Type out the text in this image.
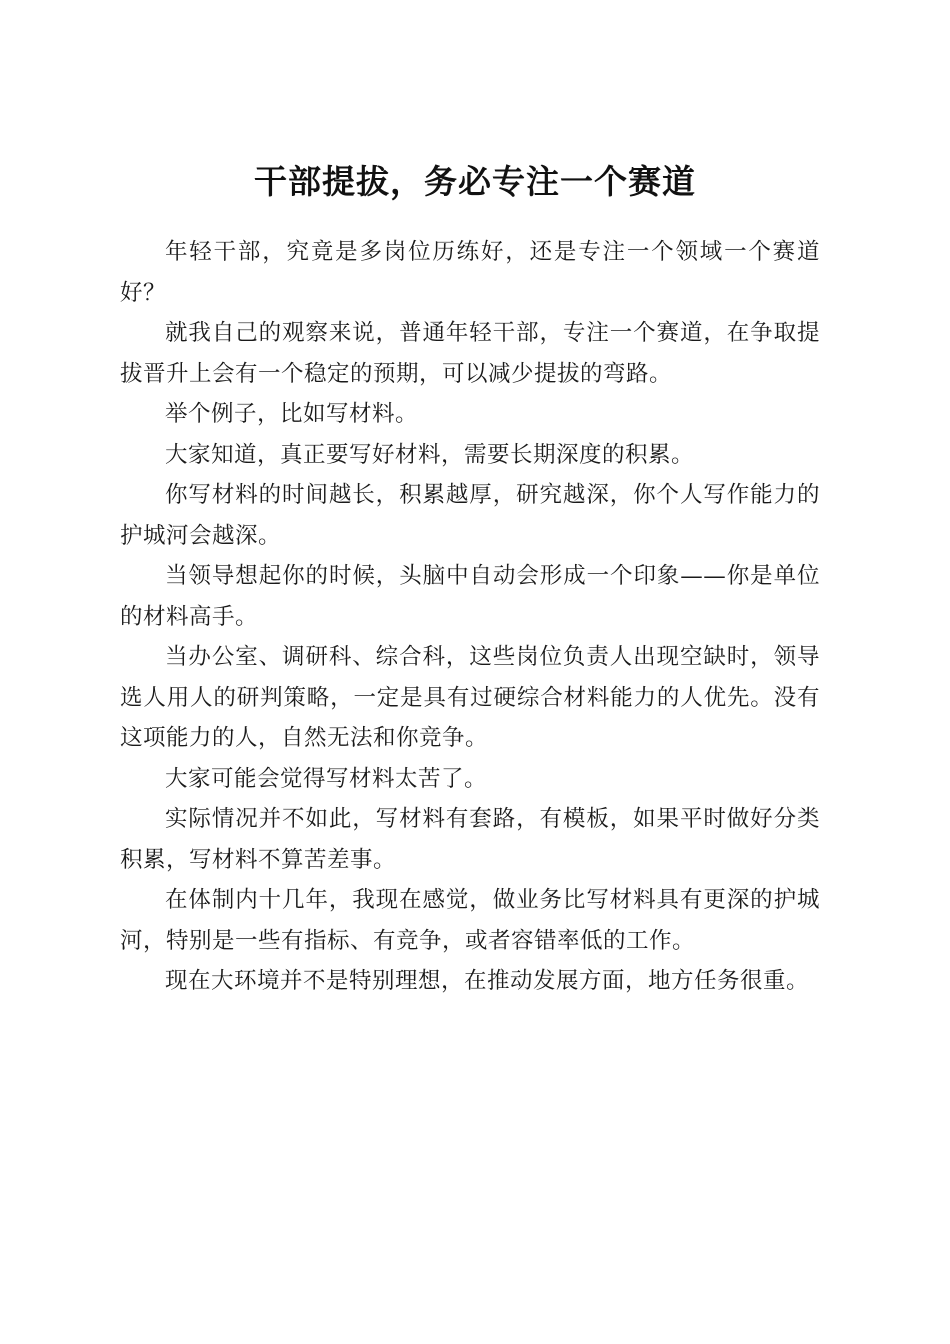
干部提拔，务必专注一个赛道

年轻干部，究竟是多岗位历练好，还是专注一个领域一个赛道好？

就我自己的观察来说，普通年轻干部，专注一个赛道，在争取提拔晋升上会有一个稳定的预期，可以减少提拔的弯路。

举个例子，比如写材料。

大家知道，真正要写好材料，需要长期深度的积累。

你写材料的时间越长，积累越厚，研究越深，你个人写作能力的护城河会越深。

当领导想起你的时候，头脑中自动会形成一个印象——你是单位的材料高手。

当办公室、调研科、综合科，这些岗位负责人出现空缺时，领导选人用人的研判策略，一定是具有过硬综合材料能力的人优先。没有这项能力的人，自然无法和你竞争。

大家可能会觉得写材料太苦了。

实际情况并不如此，写材料有套路，有模板，如果平时做好分类积累，写材料不算苦差事。

在体制内十几年，我现在感觉，做业务比写材料具有更深的护城河，特别是一些有指标、有竞争，或者容错率低的工作。

现在大环境并不是特别理想，在推动发展方面，地方任务很重。
